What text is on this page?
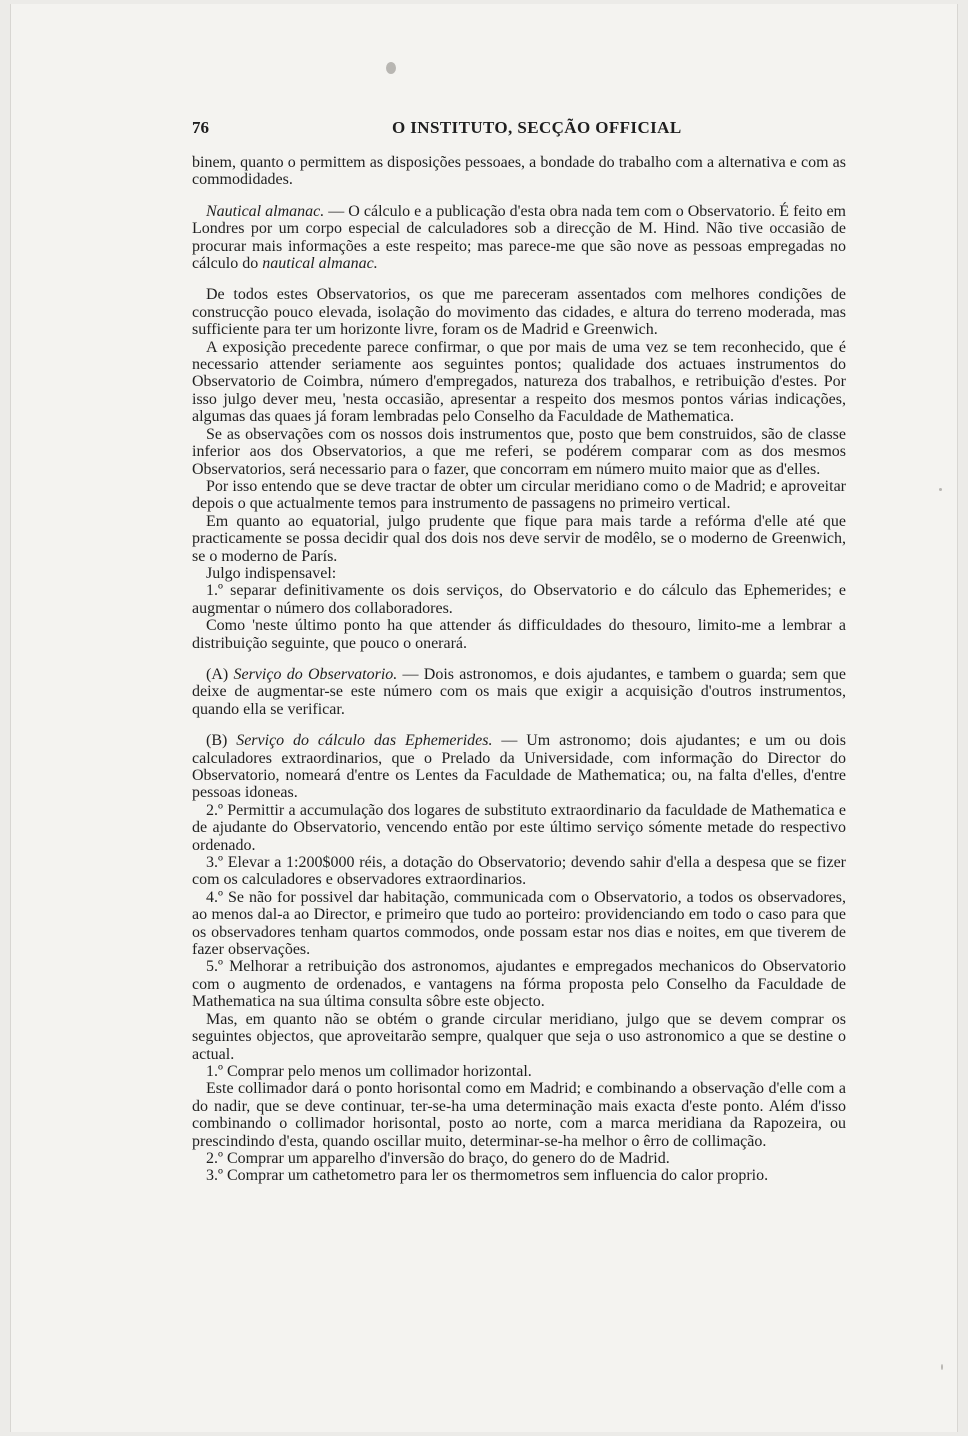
76	O INSTITUTO, SECÇÃO OFFICIAL

binem, quanto o permittem as disposições pessoaes, a bondade do trabalho com a alternativa e com as commodidades.

Nautical almanac. — O cálculo e a publicação d'esta obra nada tem com o Observatorio. É feito em Londres por um corpo especial de calculadores sob a direcção de M. Hind. Não tive occasião de procurar mais informações a este respeito; mas parece-me que são nove as pessoas empregadas no cálculo do nautical almanac.

De todos estes Observatorios, os que me pareceram assentados com melhores condições de construcção pouco elevada, isolação do movimento das cidades, e altura do terreno moderada, mas sufficiente para ter um horizonte livre, foram os de Madrid e Greenwich.

A exposição precedente parece confirmar, o que por mais de uma vez se tem reconhecido, que é necessario attender seriamente aos seguintes pontos; qualidade dos actuaes instrumentos do Observatorio de Coimbra, número d'empregados, natureza dos trabalhos, e retribuição d'estes. Por isso julgo dever meu, 'nesta occasião, apresentar a respeito dos mesmos pontos várias indicações, algumas das quaes já foram lembradas pelo Conselho da Faculdade de Mathematica.

Se as observações com os nossos dois instrumentos que, posto que bem construidos, são de classe inferior aos dos Observatorios, a que me referi, se podérem comparar com as dos mesmos Observatorios, será necessario para o fazer, que concorram em número muito maior que as d'elles.

Por isso entendo que se deve tractar de obter um circular meridiano como o de Madrid; e aproveitar depois o que actualmente temos para instrumento de passagens no primeiro vertical.

Em quanto ao equatorial, julgo prudente que fique para mais tarde a refórma d'elle até que practicamente se possa decidir qual dos dois nos deve servir de modêlo, se o moderno de Greenwich, se o moderno de París.

Julgo indispensavel:

1.º separar definitivamente os dois serviços, do Observatorio e do cálculo das Ephemerides; e augmentar o número dos collaboradores.

Como 'neste último ponto ha que attender ás difficuldades do thesouro, limito-me a lembrar a distribuição seguinte, que pouco o onerará.

(A) Serviço do Observatorio. — Dois astronomos, e dois ajudantes, e tambem o guarda; sem que deixe de augmentar-se este número com os mais que exigir a acquisição d'outros instrumentos, quando ella se verificar.

(B) Serviço do cálculo das Ephemerides. — Um astronomo; dois ajudantes; e um ou dois calculadores extraordinarios, que o Prelado da Universidade, com informação do Director do Observatorio, nomeará d'entre os Lentes da Faculdade de Mathematica; ou, na falta d'elles, d'entre pessoas idoneas.

2.º Permittir a accumulação dos logares de substituto extraordinario da faculdade de Mathematica e de ajudante do Observatorio, vencendo então por este último serviço sómente metade do respectivo ordenado.

3.º Elevar a 1:200$000 réis, a dotação do Observatorio; devendo sahir d'ella a despesa que se fizer com os calculadores e observadores extraordinarios.

4.º Se não for possivel dar habitação, communicada com o Observatorio, a todos os observadores, ao menos dal-a ao Director, e primeiro que tudo ao porteiro: providenciando em todo o caso para que os observadores tenham quartos commodos, onde possam estar nos dias e noites, em que tiverem de fazer observações.

5.º Melhorar a retribuição dos astronomos, ajudantes e empregados mechanicos do Observatorio com o augmento de ordenados, e vantagens na fórma proposta pelo Conselho da Faculdade de Mathematica na sua última consulta sôbre este objecto.

Mas, em quanto não se obtém o grande circular meridiano, julgo que se devem comprar os seguintes objectos, que aproveitarão sempre, qualquer que seja o uso astronomico a que se destine o actual.

1.º Comprar pelo menos um collimador horizontal.

Este collimador dará o ponto horisontal como em Madrid; e combinando a observação d'elle com a do nadir, que se deve continuar, ter-se-ha uma determinação mais exacta d'este ponto. Além d'isso combinando o collimador horisontal, posto ao norte, com a marca meridiana da Rapozeira, ou prescindindo d'esta, quando oscillar muito, determinar-se-ha melhor o êrro de collimação.

2.º Comprar um apparelho d'inversão do braço, do genero do de Madrid.

3.º Comprar um cathetometro para ler os thermometros sem influencia do calor proprio.
